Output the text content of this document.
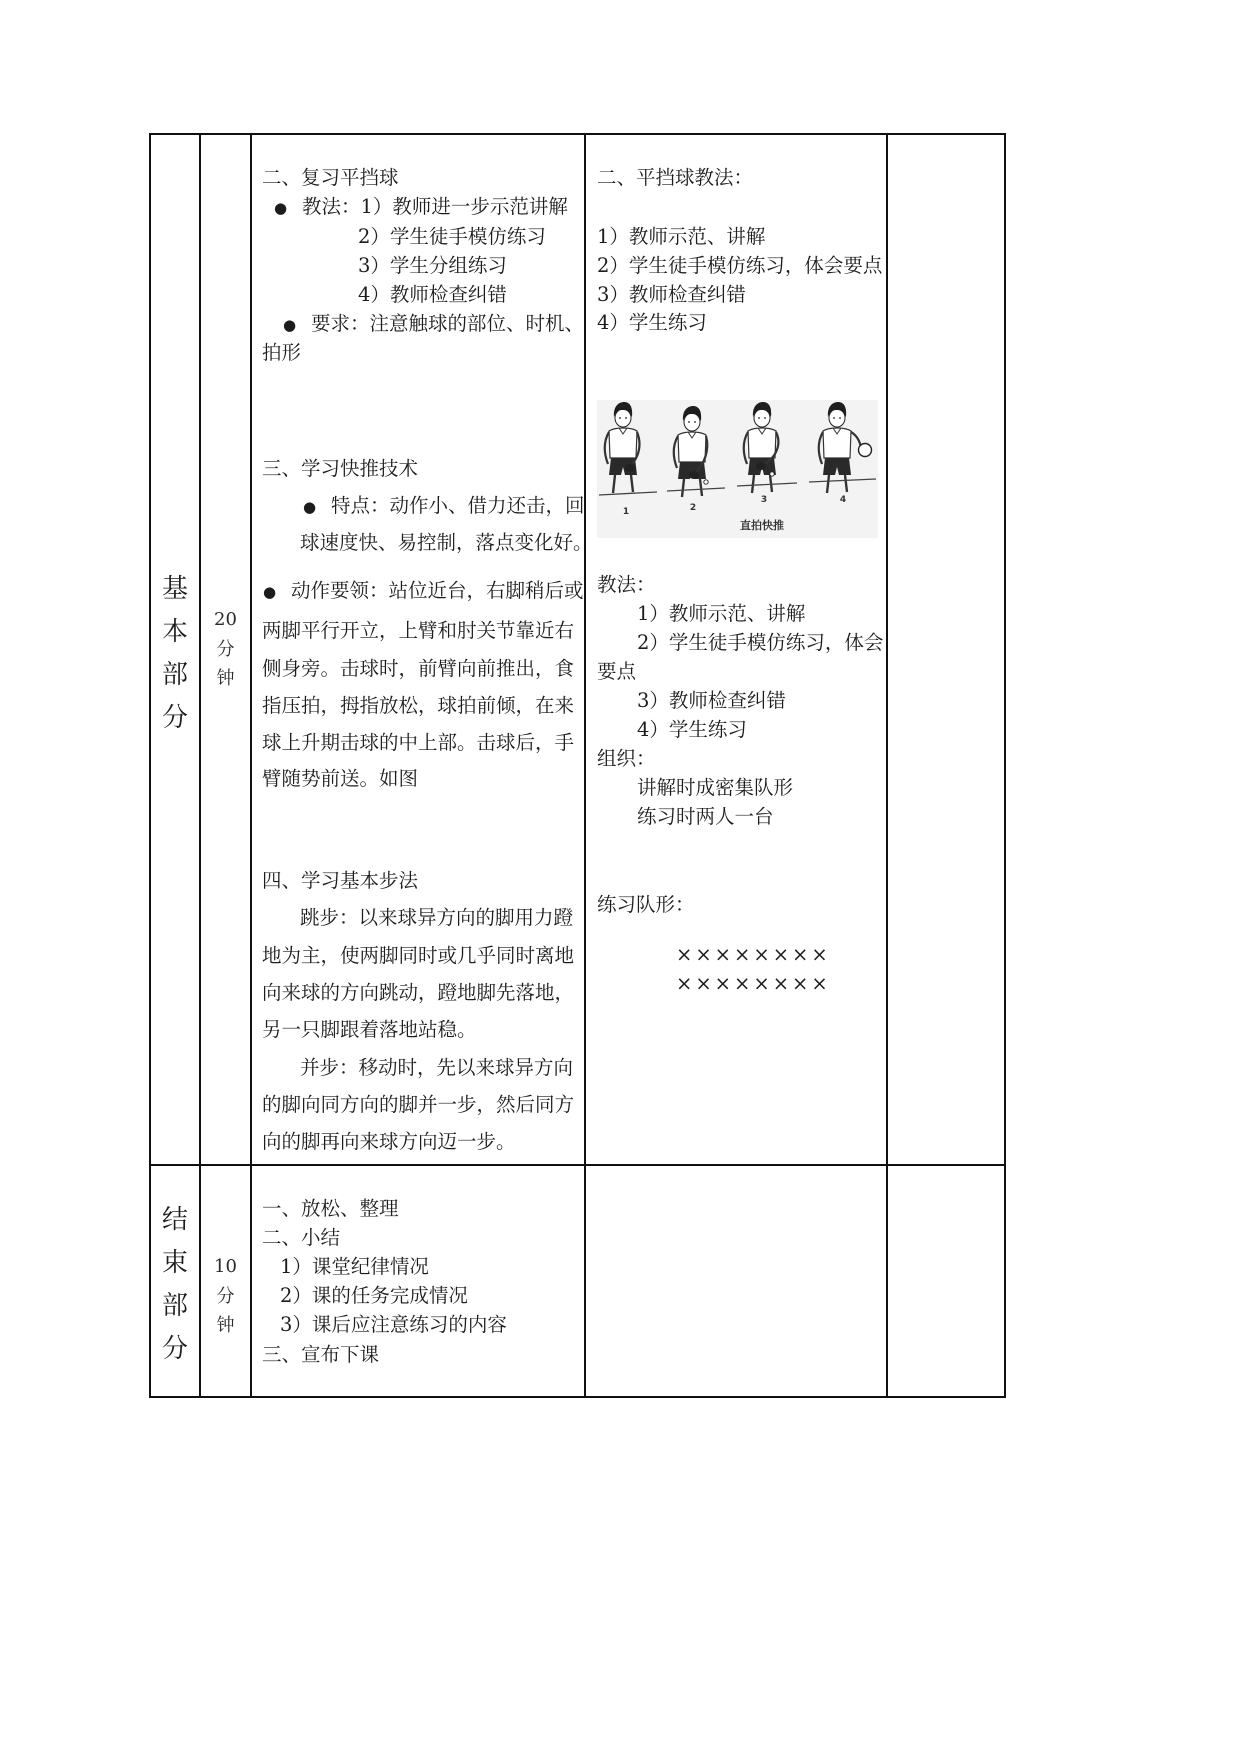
基本部分
20
分
钟
二、复习平挡球
● 教法：1）教师进一步示范讲解
2）学生徒手模仿练习
3）学生分组练习
4）教师检查纠错
● 要求：注意触球的部位、时机、
拍形
三、学习快推技术
● 特点：动作小、借力还击，回
球速度快、易控制，落点变化好。
● 动作要领：站位近台，右脚稍后或
两脚平行开立，上臂和肘关节靠近右
侧身旁。击球时，前臂向前推出，食
指压拍，拇指放松，球拍前倾，在来
球上升期击球的中上部。击球后，手
臂随势前送。如图
四、学习基本步法
跳步：以来球异方向的脚用力蹬
地为主，使两脚同时或几乎同时离地
向来球的方向跳动，蹬地脚先落地，
另一只脚跟着落地站稳。
并步：移动时，先以来球异方向
的脚向同方向的脚并一步，然后同方
向的脚再向来球方向迈一步。
二、平挡球教法：
1）教师示范、讲解
2）学生徒手模仿练习，体会要点
3）教师检查纠错
4）学生练习
1	2
3	4
直拍快推
教法：
1）教师示范、讲解
2）学生徒手模仿练习，体会
要点
3）教师检查纠错
4）学生练习
组织：
讲解时成密集队形
练习时两人一台
练习队形：
××××××××
××××××××
结束部分
10
分
钟
一、放松、整理
二、小结
1）课堂纪律情况
2）课的任务完成情况
3）课后应注意练习的内容
三、宣布下课
